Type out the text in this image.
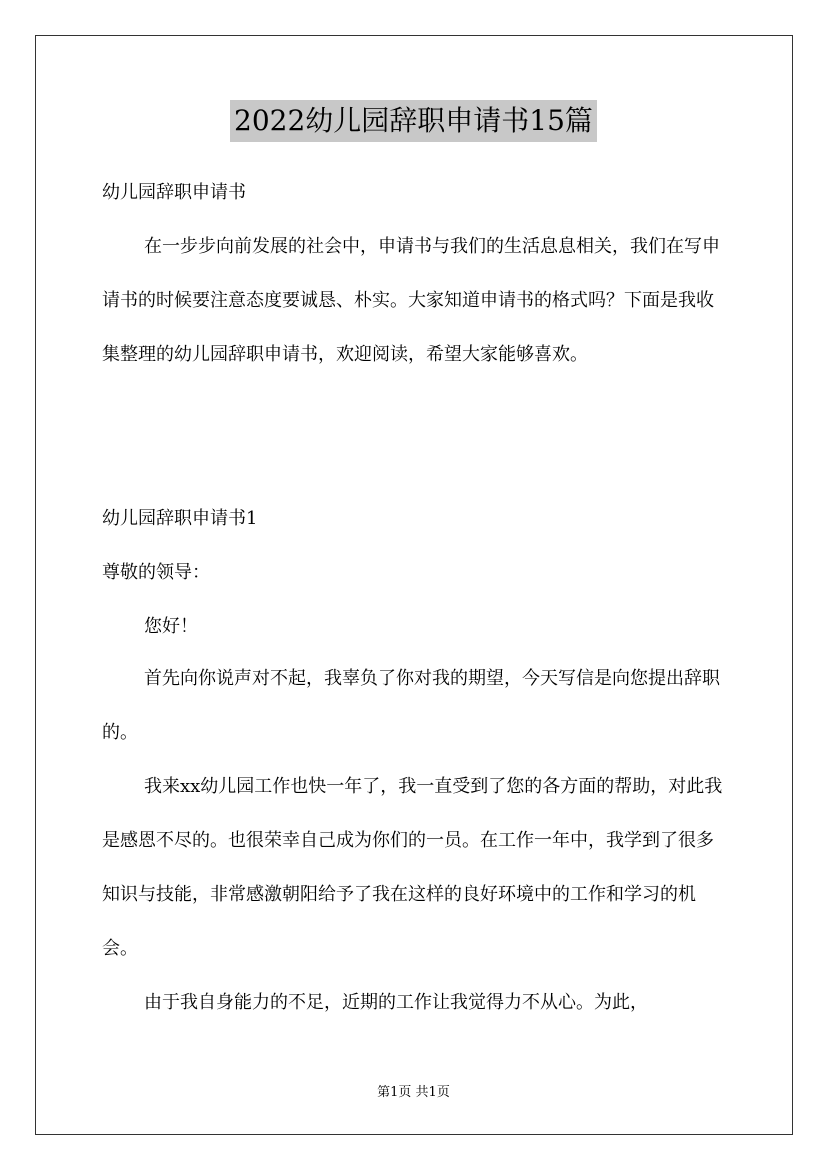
2022幼儿园辞职申请书15篇
幼儿园辞职申请书
在一步步向前发展的社会中，申请书与我们的生活息息相关，我们在写申请书的时候要注意态度要诚恳、朴实。大家知道申请书的格式吗？下面是我收集整理的幼儿园辞职申请书，欢迎阅读，希望大家能够喜欢。
幼儿园辞职申请书1
尊敬的领导：
您好！
首先向你说声对不起，我辜负了你对我的期望，今天写信是向您提出辞职的。
我来xx幼儿园工作也快一年了，我一直受到了您的各方面的帮助，对此我是感恩不尽的。也很荣幸自己成为你们的一员。在工作一年中，我学到了很多知识与技能，非常感激朝阳给予了我在这样的良好环境中的工作和学习的机会。
由于我自身能力的不足，近期的工作让我觉得力不从心。为此，
第1页 共1页
